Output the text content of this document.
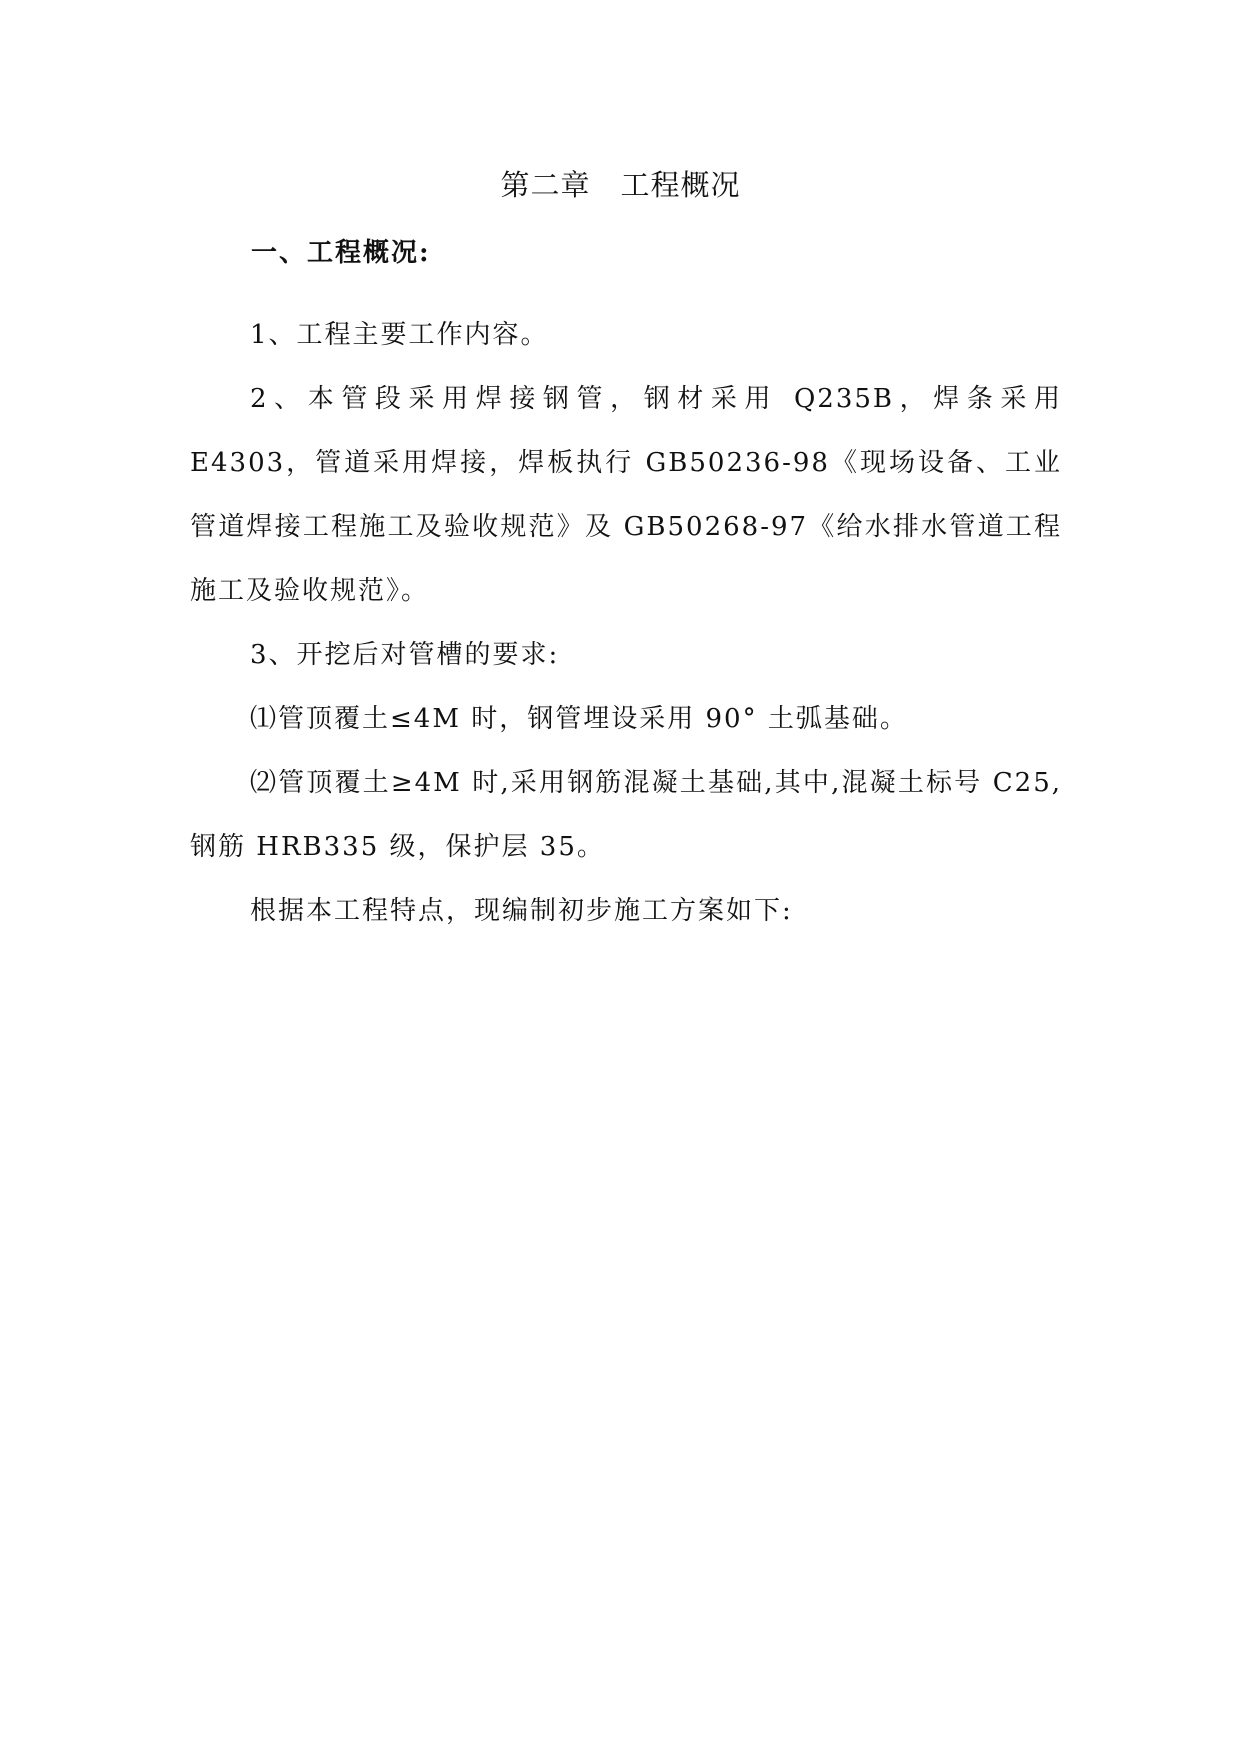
第二章　工程概况
一、工程概况:

1、工程主要工作内容。

2、本管段采用焊接钢管，钢材采用 Q235B，焊条采用 E4303，管道采用焊接，焊板执行 GB50236-98《现场设备、工业管道焊接工程施工及验收规范》及 GB50268-97《给水排水管道工程施工及验收规范》。

3、开挖后对管槽的要求:

⑴管顶覆土≤4M 时，钢管埋设采用 90° 土弧基础。

⑵管顶覆土≥4M 时,采用钢筋混凝土基础,其中,混凝土标号 C25,钢筋 HRB335 级，保护层 35。

根据本工程特点，现编制初步施工方案如下:
